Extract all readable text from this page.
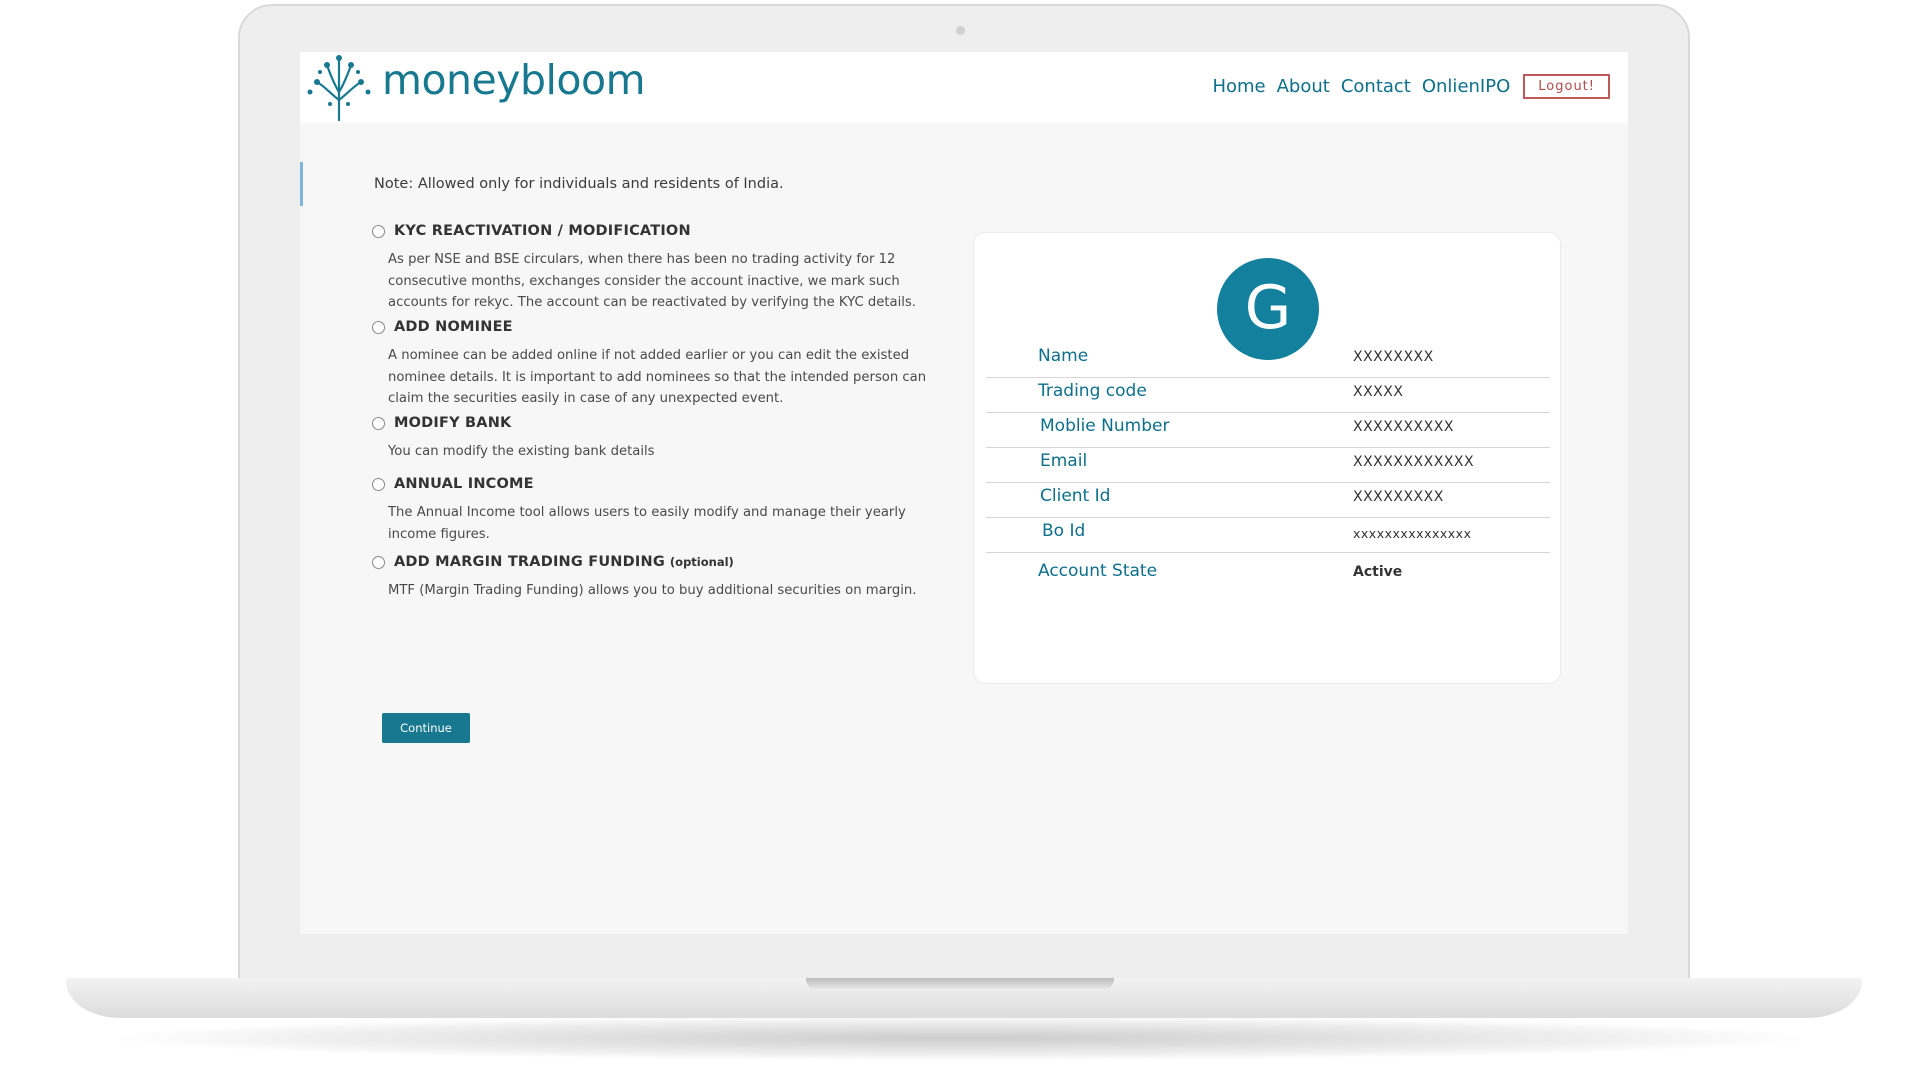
moneybloom	Home About Contact OnlienIPO	Logout!
Note: Allowed only for individuals and residents of India.
KYC REACTIVATION / MODIFICATION
As per NSE and BSE circulars, when there has been no trading activity for 12 consecutive months, exchanges consider the account inactive, we mark such accounts for rekyc. The account can be reactivated by verifying the KYC details.
ADD NOMINEE
A nominee can be added online if not added earlier or you can edit the existed nominee details. It is important to add nominees so that the intended person can claim the securities easily in case of any unexpected event.
MODIFY BANK
You can modify the existing bank details
ANNUAL INCOME
The Annual Income tool allows users to easily modify and manage their yearly income figures.
ADD MARGIN TRADING FUNDING (optional)
MTF (Margin Trading Funding) allows you to buy additional securities on margin.
Continue
G
Name	XXXXXXXX
Trading code	XXXXX
Moblie Number	XXXXXXXXXX
Email	XXXXXXXXXXXX
Client Id	XXXXXXXXX
Bo Id	xxxxxxxxxxxxxxx
Account State	Active
